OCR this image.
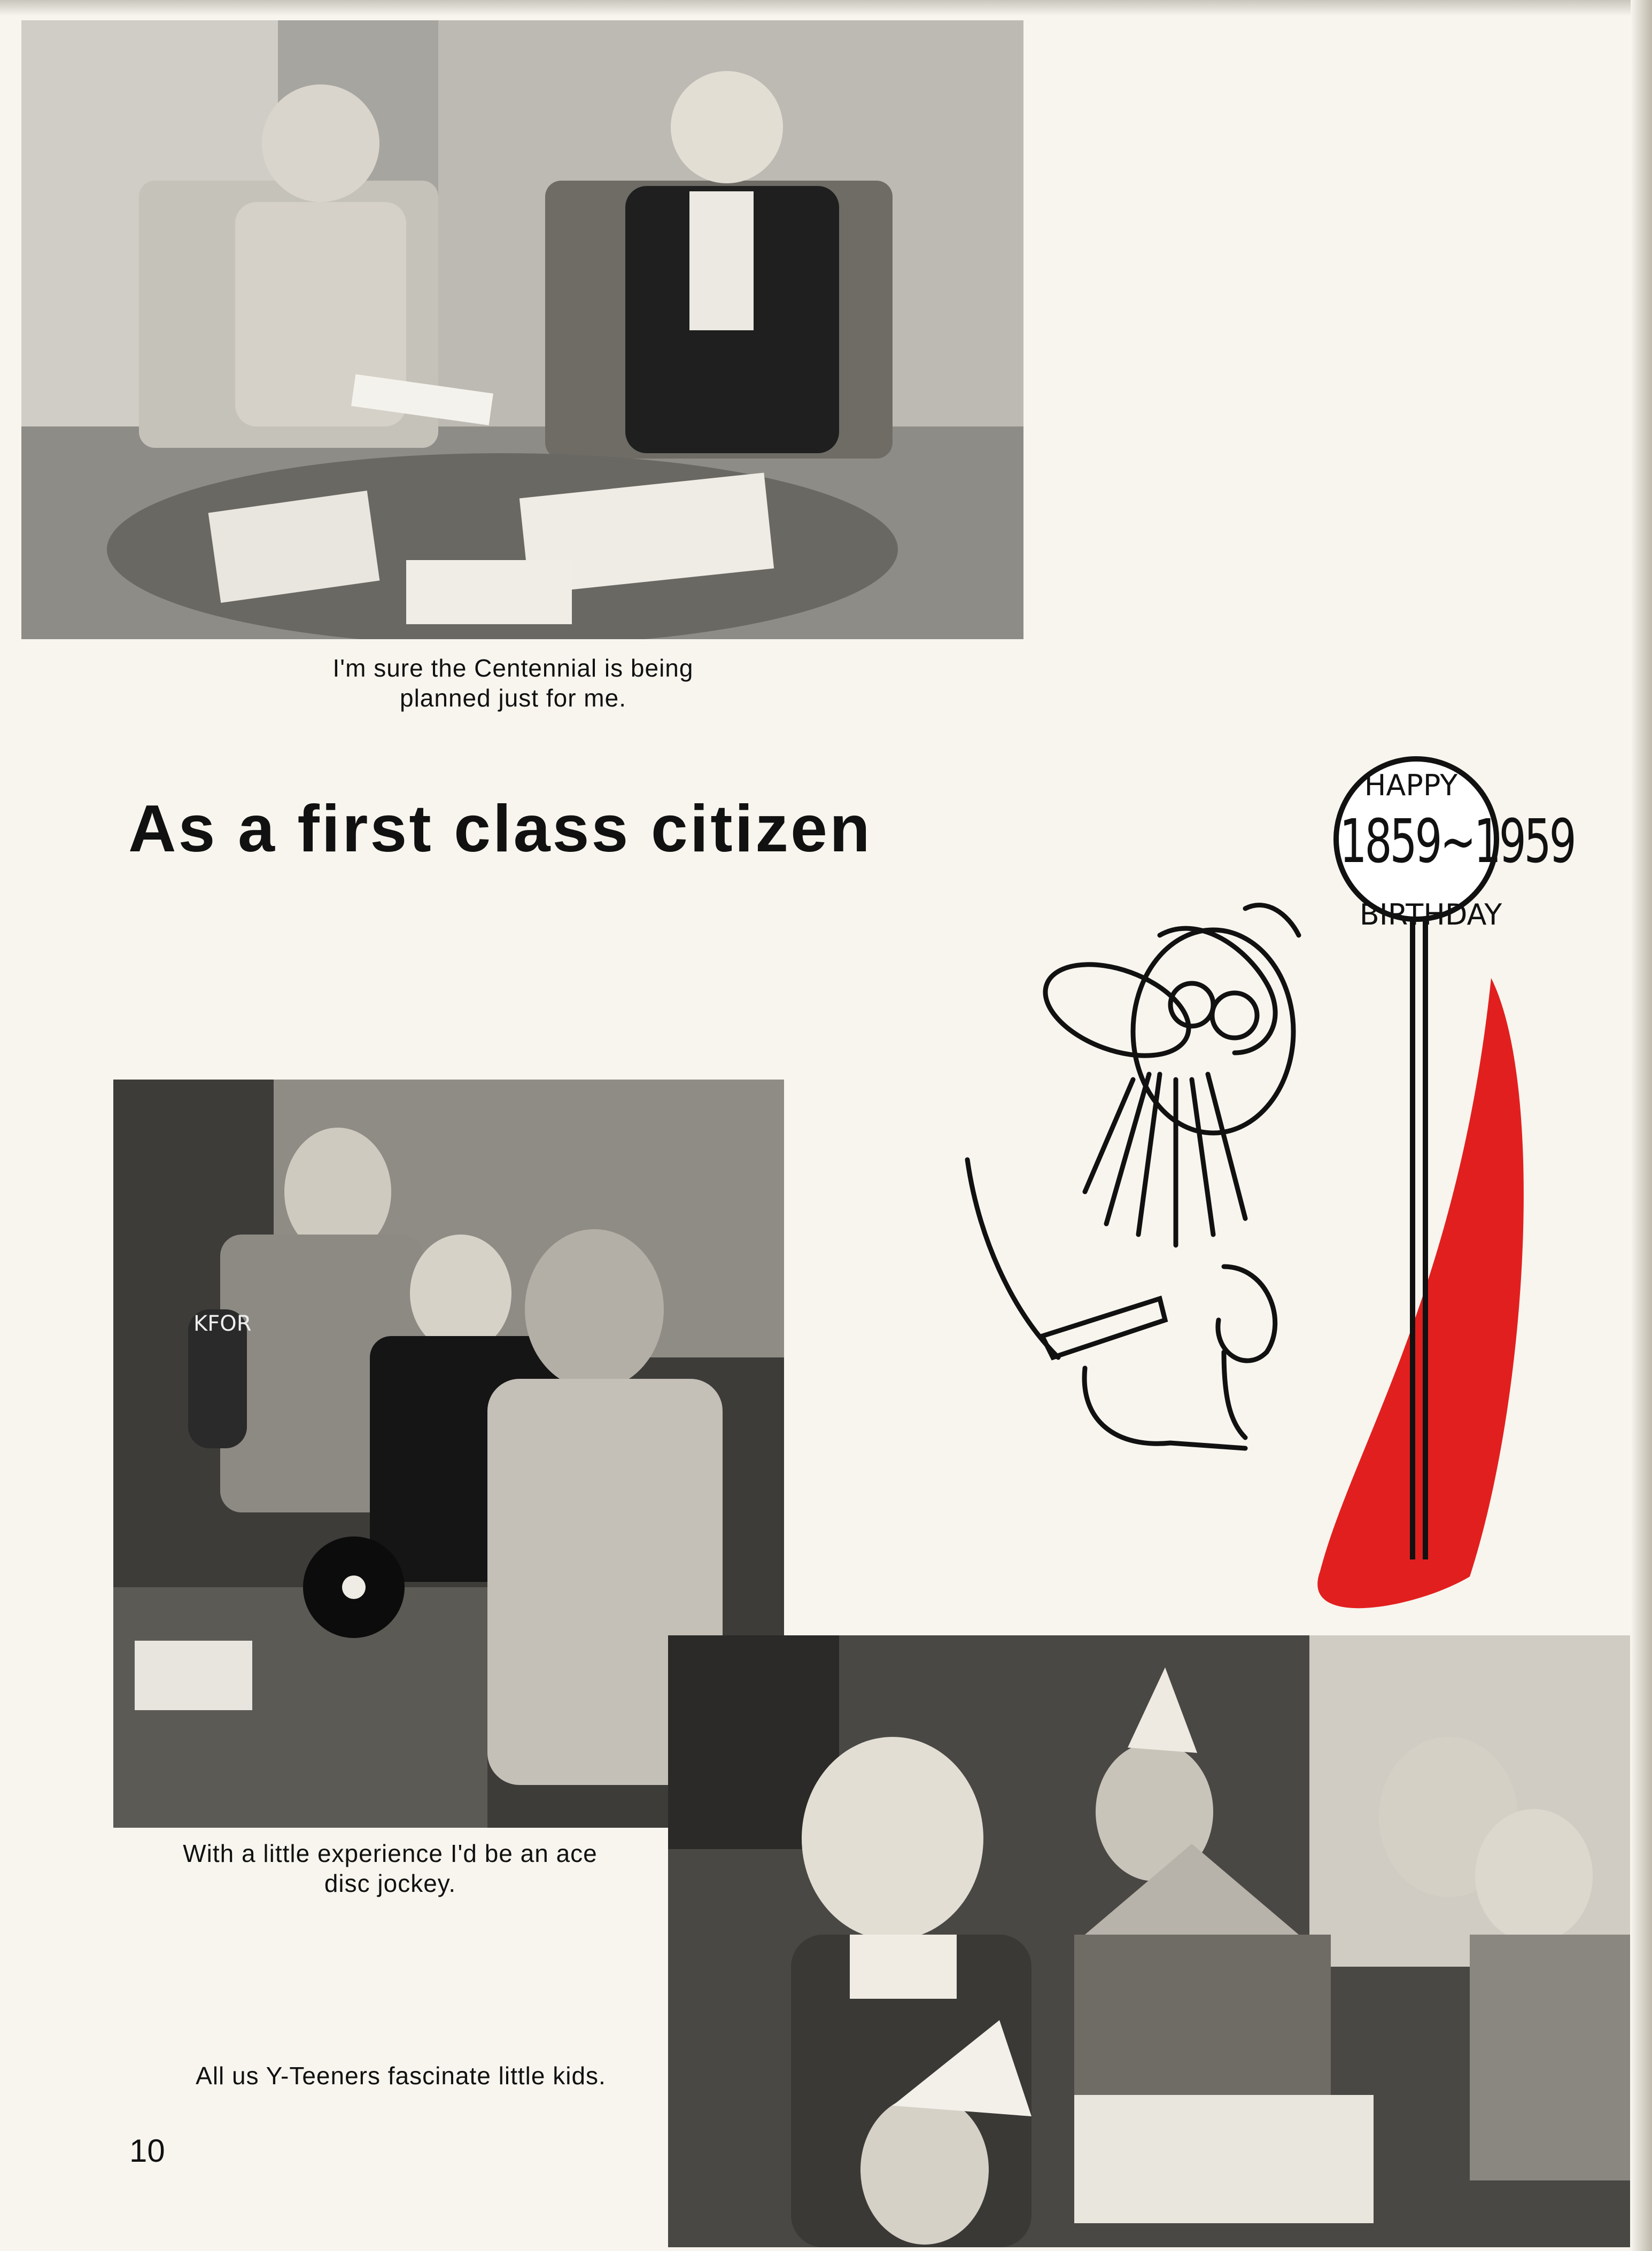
I'm sure the Centennial is being planned just for me.
As a first class citizen
KFOR
With a little experience I'd be an ace disc jockey.
All us Y-Teeners fascinate little kids.
HAPPY
1859~1959
BIRTHDAY
10
